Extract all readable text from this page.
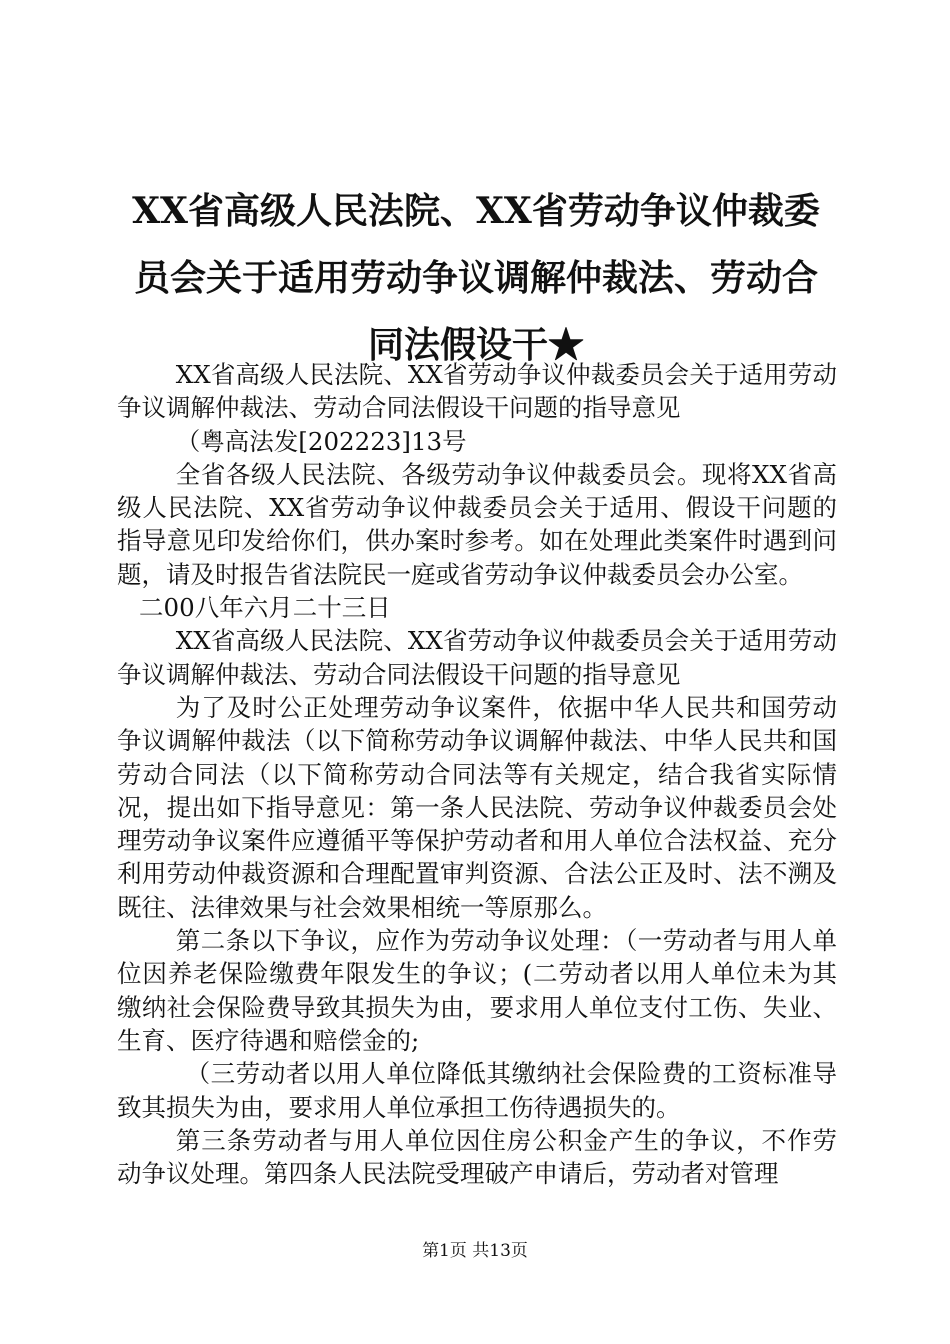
XX省高级人民法院、XX省劳动争议仲裁委员会关于适用劳动争议调解仲裁法、劳动合同法假设干★

XX省高级人民法院、XX省劳动争议仲裁委员会关于适用劳动争议调解仲裁法、劳动合同法假设干问题的指导意见

（粤高法发[202223]13号

全省各级人民法院、各级劳动争议仲裁委员会。现将XX省高级人民法院、XX省劳动争议仲裁委员会关于适用、假设干问题的指导意见印发给你们，供办案时参考。如在处理此类案件时遇到问题，请及时报告省法院民一庭或省劳动争议仲裁委员会办公室。

二00八年六月二十三日

XX省高级人民法院、XX省劳动争议仲裁委员会关于适用劳动争议调解仲裁法、劳动合同法假设干问题的指导意见

为了及时公正处理劳动争议案件，依据中华人民共和国劳动争议调解仲裁法（以下简称劳动争议调解仲裁法、中华人民共和国劳动合同法（以下简称劳动合同法等有关规定，结合我省实际情况，提出如下指导意见：第一条人民法院、劳动争议仲裁委员会处理劳动争议案件应遵循平等保护劳动者和用人单位合法权益、充分利用劳动仲裁资源和合理配置审判资源、合法公正及时、法不溯及既往、法律效果与社会效果相统一等原那么。

第二条以下争议，应作为劳动争议处理：（一劳动者与用人单位因养老保险缴费年限发生的争议；(二劳动者以用人单位未为其缴纳社会保险费导致其损失为由，要求用人单位支付工伤、失业、生育、医疗待遇和赔偿金的;

（三劳动者以用人单位降低其缴纳社会保险费的工资标准导致其损失为由，要求用人单位承担工伤待遇损失的。

第三条劳动者与用人单位因住房公积金产生的争议，不作劳动争议处理。第四条人民法院受理破产申请后，劳动者对管理

第1页 共13页
